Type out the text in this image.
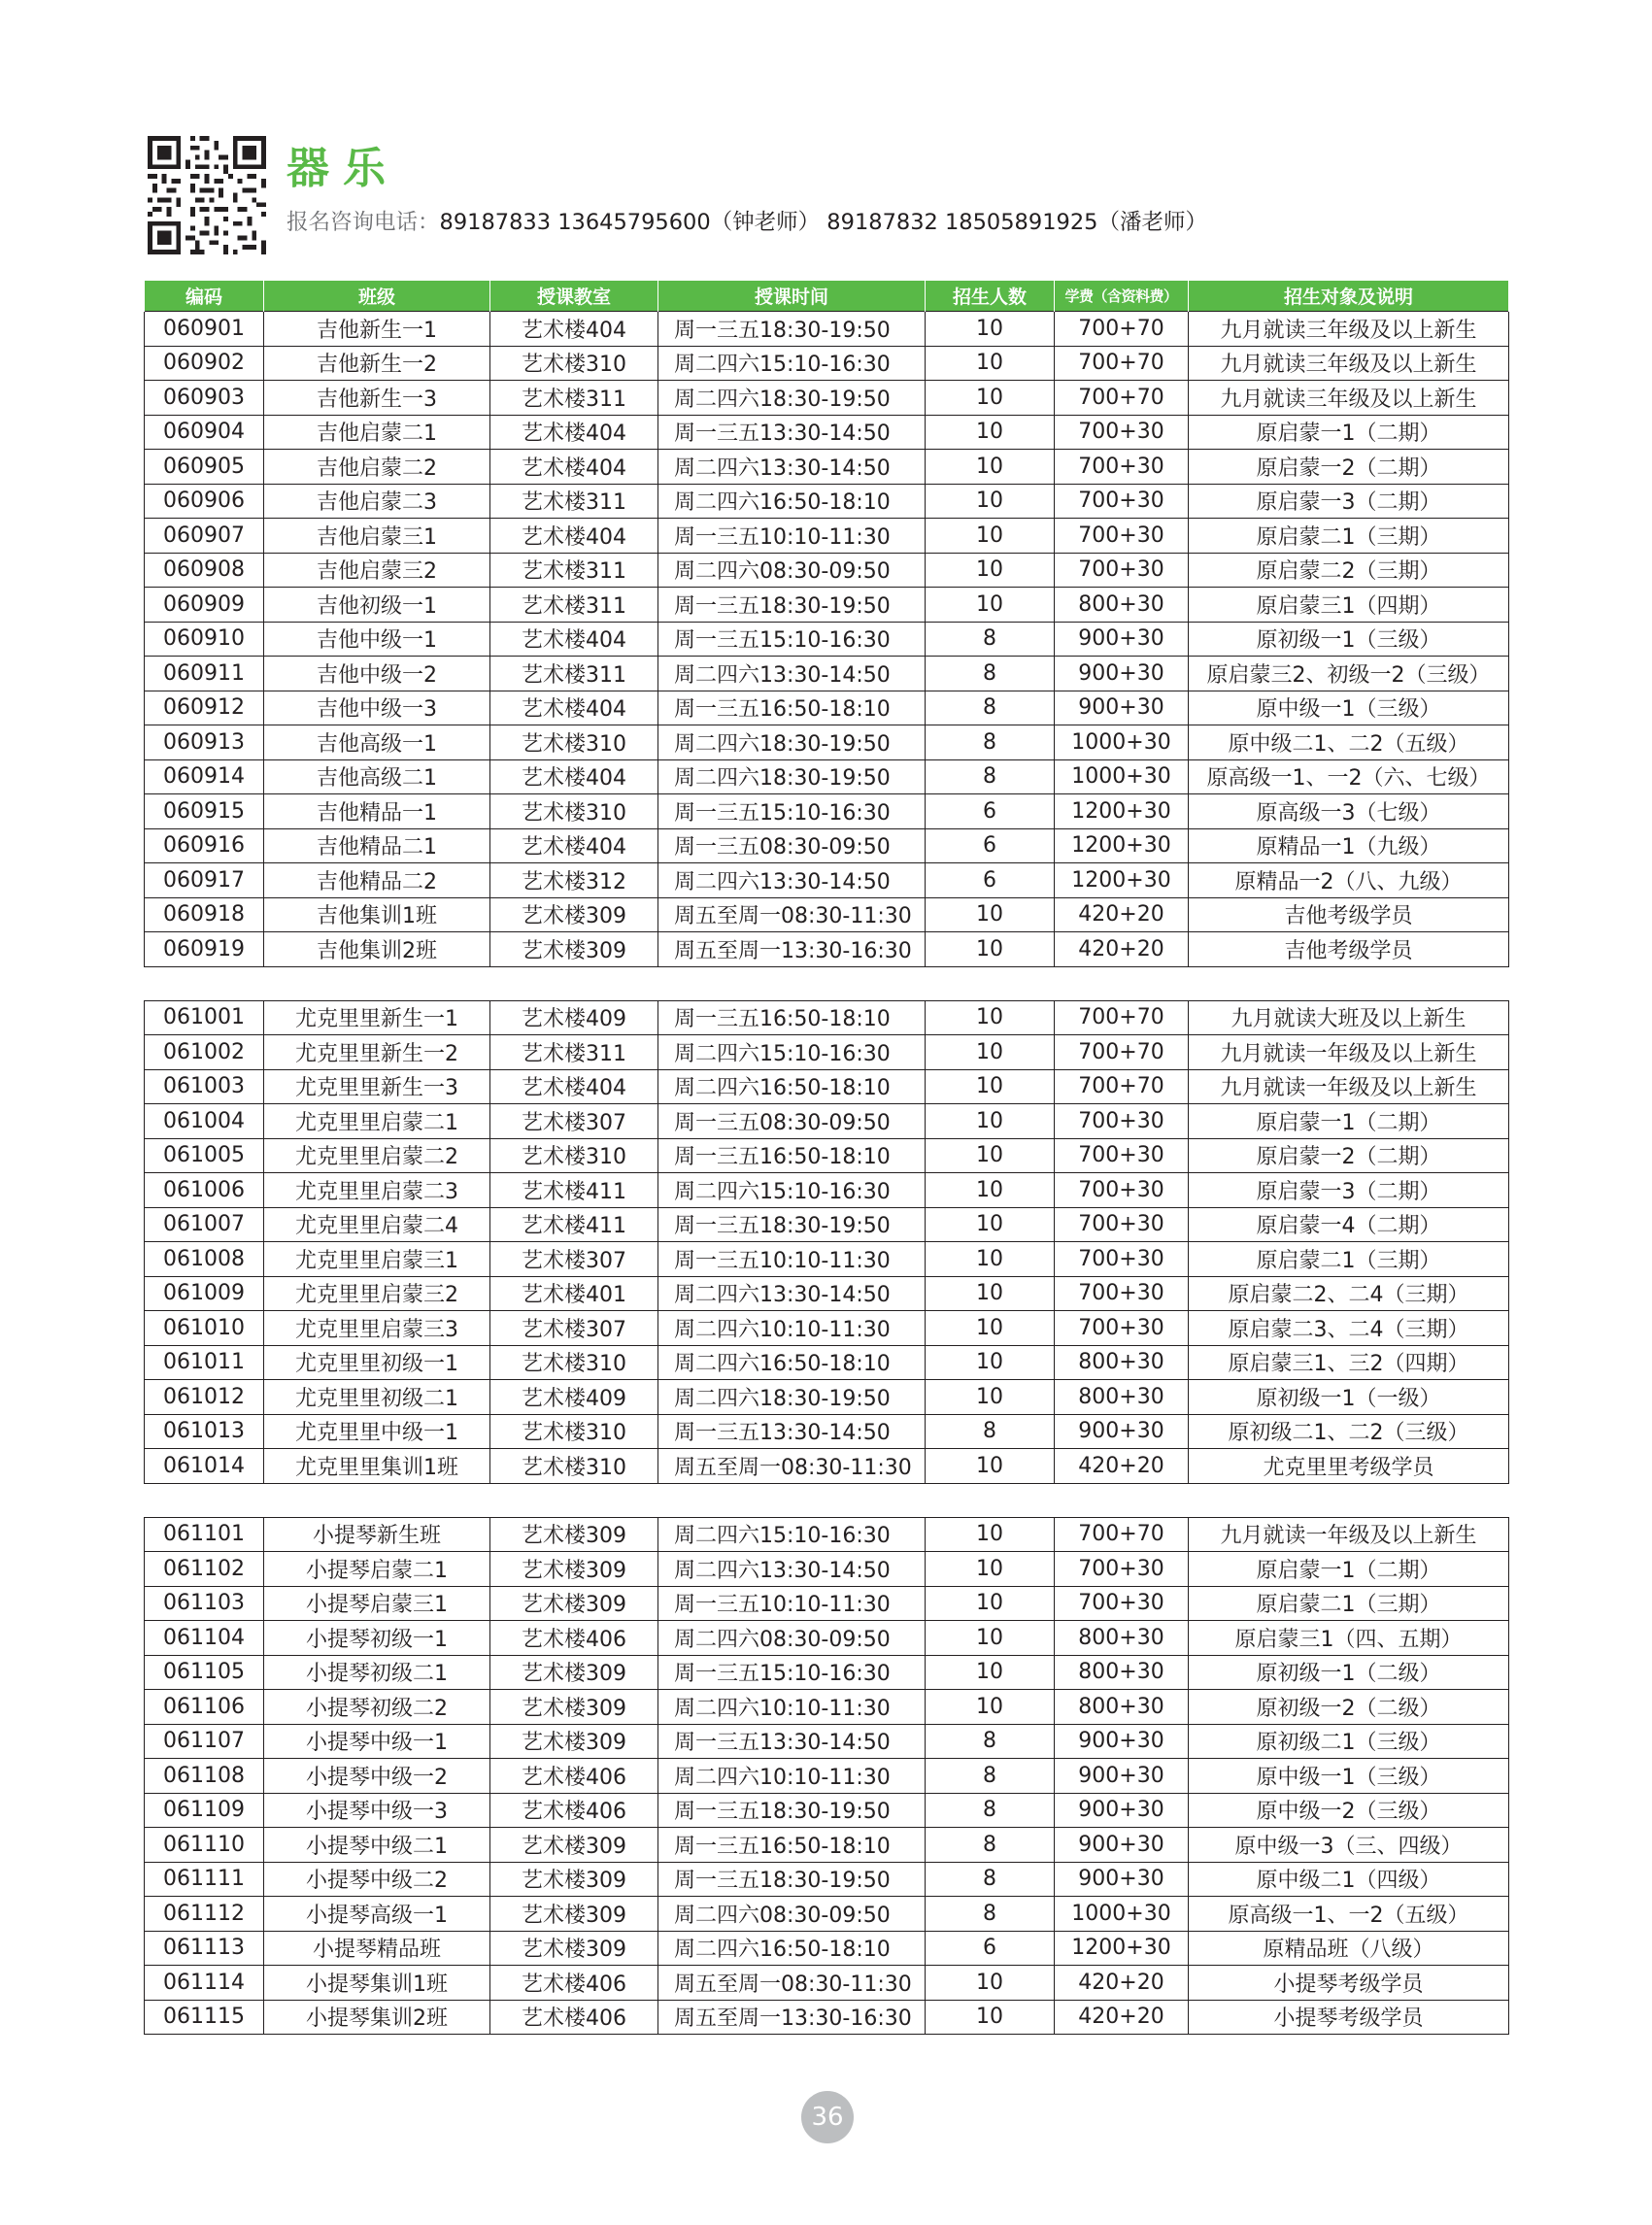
器乐
报名咨询电话：89187833 13645795600（钟老师） 89187832 18505891925（潘老师）
编码	班级	授课教室	授课时间	招生人数	学费（含资料费）	招生对象及说明
060901	吉他新生一1	艺术楼404	周一三五18:30-19:50	10	700+70	九月就读三年级及以上新生
060902	吉他新生一2	艺术楼310	周二四六15:10-16:30	10	700+70	九月就读三年级及以上新生
060903	吉他新生一3	艺术楼311	周二四六18:30-19:50	10	700+70	九月就读三年级及以上新生
060904	吉他启蒙二1	艺术楼404	周一三五13:30-14:50	10	700+30	原启蒙一1（二期）
060905	吉他启蒙二2	艺术楼404	周二四六13:30-14:50	10	700+30	原启蒙一2（二期）
060906	吉他启蒙二3	艺术楼311	周二四六16:50-18:10	10	700+30	原启蒙一3（二期）
060907	吉他启蒙三1	艺术楼404	周一三五10:10-11:30	10	700+30	原启蒙二1（三期）
060908	吉他启蒙三2	艺术楼311	周二四六08:30-09:50	10	700+30	原启蒙二2（三期）
060909	吉他初级一1	艺术楼311	周一三五18:30-19:50	10	800+30	原启蒙三1（四期）
060910	吉他中级一1	艺术楼404	周一三五15:10-16:30	8	900+30	原初级一1（三级）
060911	吉他中级一2	艺术楼311	周二四六13:30-14:50	8	900+30	原启蒙三2、初级一2（三级）
060912	吉他中级一3	艺术楼404	周一三五16:50-18:10	8	900+30	原中级一1（三级）
060913	吉他高级一1	艺术楼310	周二四六18:30-19:50	8	1000+30	原中级二1、二2（五级）
060914	吉他高级二1	艺术楼404	周二四六18:30-19:50	8	1000+30	原高级一1、一2（六、七级）
060915	吉他精品一1	艺术楼310	周一三五15:10-16:30	6	1200+30	原高级一3（七级）
060916	吉他精品二1	艺术楼404	周一三五08:30-09:50	6	1200+30	原精品一1（九级）
060917	吉他精品二2	艺术楼312	周二四六13:30-14:50	6	1200+30	原精品一2（八、九级）
060918	吉他集训1班	艺术楼309	周五至周一08:30-11:30	10	420+20	吉他考级学员
060919	吉他集训2班	艺术楼309	周五至周一13:30-16:30	10	420+20	吉他考级学员

061001	尤克里里新生一1	艺术楼409	周一三五16:50-18:10	10	700+70	九月就读大班及以上新生
061002	尤克里里新生一2	艺术楼311	周二四六15:10-16:30	10	700+70	九月就读一年级及以上新生
061003	尤克里里新生一3	艺术楼404	周二四六16:50-18:10	10	700+70	九月就读一年级及以上新生
061004	尤克里里启蒙二1	艺术楼307	周一三五08:30-09:50	10	700+30	原启蒙一1（二期）
061005	尤克里里启蒙二2	艺术楼310	周一三五16:50-18:10	10	700+30	原启蒙一2（二期）
061006	尤克里里启蒙二3	艺术楼411	周二四六15:10-16:30	10	700+30	原启蒙一3（二期）
061007	尤克里里启蒙二4	艺术楼411	周一三五18:30-19:50	10	700+30	原启蒙一4（二期）
061008	尤克里里启蒙三1	艺术楼307	周一三五10:10-11:30	10	700+30	原启蒙二1（三期）
061009	尤克里里启蒙三2	艺术楼401	周二四六13:30-14:50	10	700+30	原启蒙二2、二4（三期）
061010	尤克里里启蒙三3	艺术楼307	周二四六10:10-11:30	10	700+30	原启蒙二3、二4（三期）
061011	尤克里里初级一1	艺术楼310	周二四六16:50-18:10	10	800+30	原启蒙三1、三2（四期）
061012	尤克里里初级二1	艺术楼409	周二四六18:30-19:50	10	800+30	原初级一1（一级）
061013	尤克里里中级一1	艺术楼310	周一三五13:30-14:50	8	900+30	原初级二1、二2（三级）
061014	尤克里里集训1班	艺术楼310	周五至周一08:30-11:30	10	420+20	尤克里里考级学员

061101	小提琴新生班	艺术楼309	周二四六15:10-16:30	10	700+70	九月就读一年级及以上新生
061102	小提琴启蒙二1	艺术楼309	周二四六13:30-14:50	10	700+30	原启蒙一1（二期）
061103	小提琴启蒙三1	艺术楼309	周一三五10:10-11:30	10	700+30	原启蒙二1（三期）
061104	小提琴初级一1	艺术楼406	周二四六08:30-09:50	10	800+30	原启蒙三1（四、五期）
061105	小提琴初级二1	艺术楼309	周一三五15:10-16:30	10	800+30	原初级一1（二级）
061106	小提琴初级二2	艺术楼309	周二四六10:10-11:30	10	800+30	原初级一2（二级）
061107	小提琴中级一1	艺术楼309	周一三五13:30-14:50	8	900+30	原初级二1（三级）
061108	小提琴中级一2	艺术楼406	周二四六10:10-11:30	8	900+30	原中级一1（三级）
061109	小提琴中级一3	艺术楼406	周一三五18:30-19:50	8	900+30	原中级一2（三级）
061110	小提琴中级二1	艺术楼309	周一三五16:50-18:10	8	900+30	原中级一3（三、四级）
061111	小提琴中级二2	艺术楼309	周一三五18:30-19:50	8	900+30	原中级二1（四级）
061112	小提琴高级一1	艺术楼309	周二四六08:30-09:50	8	1000+30	原高级一1、一2（五级）
061113	小提琴精品班	艺术楼309	周二四六16:50-18:10	6	1200+30	原精品班（八级）
061114	小提琴集训1班	艺术楼406	周五至周一08:30-11:30	10	420+20	小提琴考级学员
061115	小提琴集训2班	艺术楼406	周五至周一13:30-16:30	10	420+20	小提琴考级学员
36
